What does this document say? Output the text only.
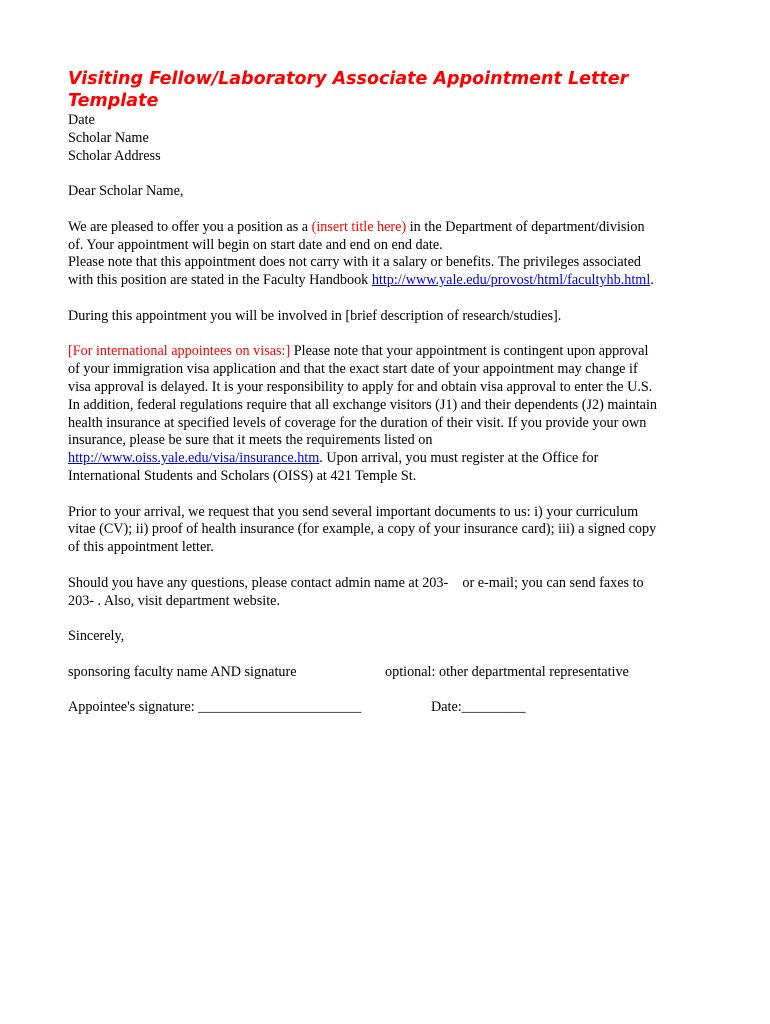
Visiting Fellow/Laboratory Associate Appointment Letter Template
Date
Scholar Name
Scholar Address
Dear Scholar Name,
We are pleased to offer you a position as a (insert title here) in the Department of department/division
of. Your appointment will begin on start date and end on end date.
Please note that this appointment does not carry with it a salary or benefits. The privileges associated
with this position are stated in the Faculty Handbook http://www.yale.edu/provost/html/facultyhb.html.
During this appointment you will be involved in [brief description of research/studies].
[For international appointees on visas:] Please note that your appointment is contingent upon approval
of your immigration visa application and that the exact start date of your appointment may change if
visa approval is delayed. It is your responsibility to apply for and obtain visa approval to enter the U.S.
In addition, federal regulations require that all exchange visitors (J1) and their dependents (J2) maintain
health insurance at specified levels of coverage for the duration of their visit. If you provide your own
insurance, please be sure that it meets the requirements listed on
http://www.oiss.yale.edu/visa/insurance.htm. Upon arrival, you must register at the Office for
International Students and Scholars (OISS) at 421 Temple St.
Prior to your arrival, we request that you send several important documents to us: i) your curriculum
vitae (CV); ii) proof of health insurance (for example, a copy of your insurance card); iii) a signed copy
of this appointment letter.
Should you have any questions, please contact admin name at 203-    or e-mail; you can send faxes to
203- . Also, visit department website.
Sincerely,
sponsoring faculty name AND signature	optional: other departmental representative
Appointee's signature: _______________________	Date:_________
